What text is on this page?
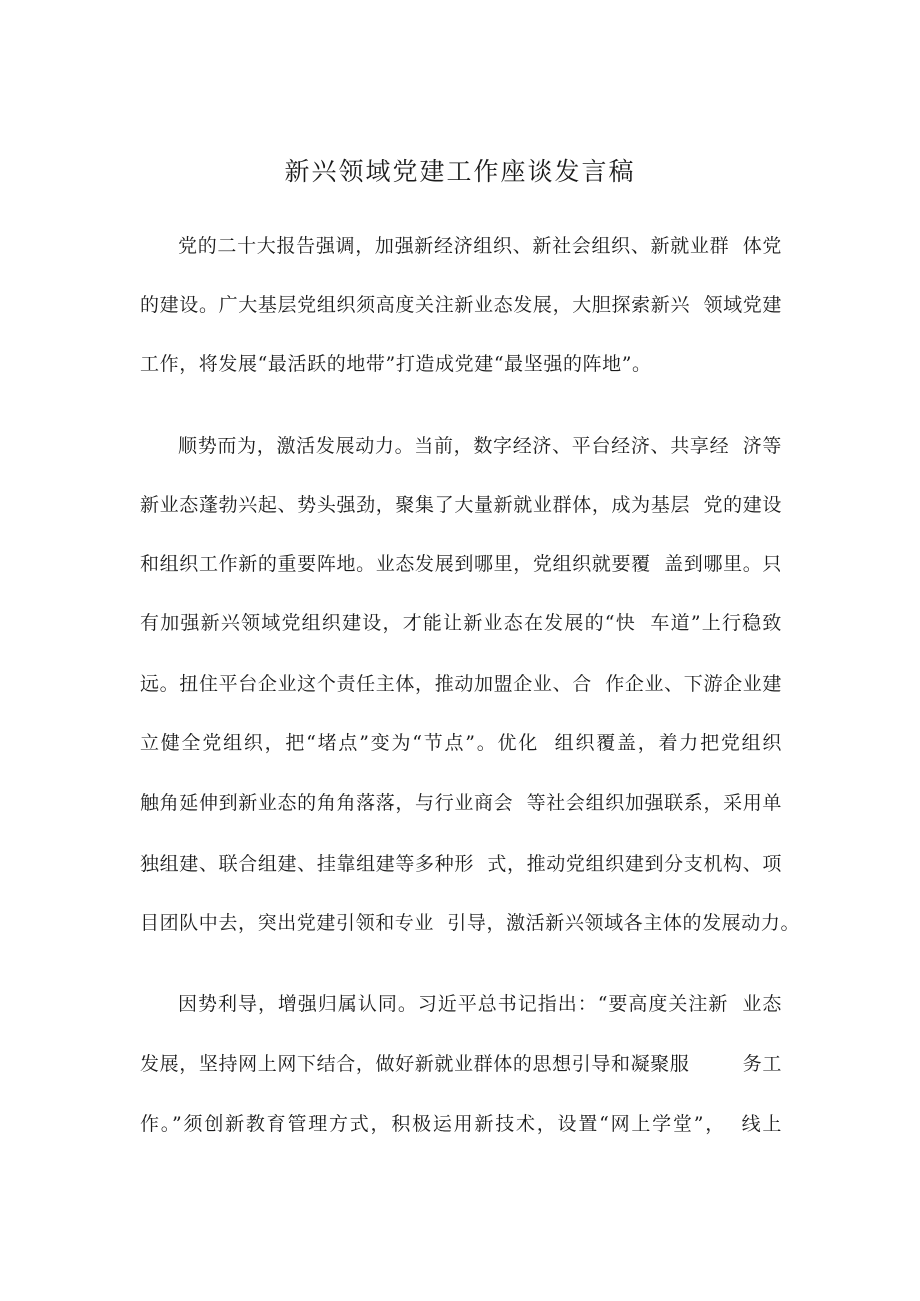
新兴领域党建工作座谈发言稿

党的二十大报告强调，加强新经济组织、新社会组织、新就业群  体党

的建设。广大基层党组织须高度关注新业态发展，大胆探索新兴  领域党建

工作，将发展“最活跃的地带”打造成党建“最坚强的阵地”。

顺势而为，激活发展动力。当前，数字经济、平台经济、共享经  济等

新业态蓬勃兴起、势头强劲，聚集了大量新就业群体，成为基层  党的建设

和组织工作新的重要阵地。业态发展到哪里，党组织就要覆  盖到哪里。只

有加强新兴领域党组织建设，才能让新业态在发展的“快  车道”上行稳致

远。扭住平台企业这个责任主体，推动加盟企业、合  作企业、下游企业建

立健全党组织，把“堵点”变为“节点”。优化  组织覆盖，着力把党组织

触角延伸到新业态的角角落落，与行业商会  等社会组织加强联系，采用单

独组建、联合组建、挂靠组建等多种形  式，推动党组织建到分支机构、项

目团队中去，突出党建引领和专业  引导，激活新兴领域各主体的发展动力。

因势利导，增强归属认同。习近平总书记指出：“要高度关注新  业态

发展，坚持网上网下结合，做好新就业群体的思想引导和凝聚服        务工

作。”须创新教育管理方式，积极运用新技术，设置“网上学堂”，  线上
